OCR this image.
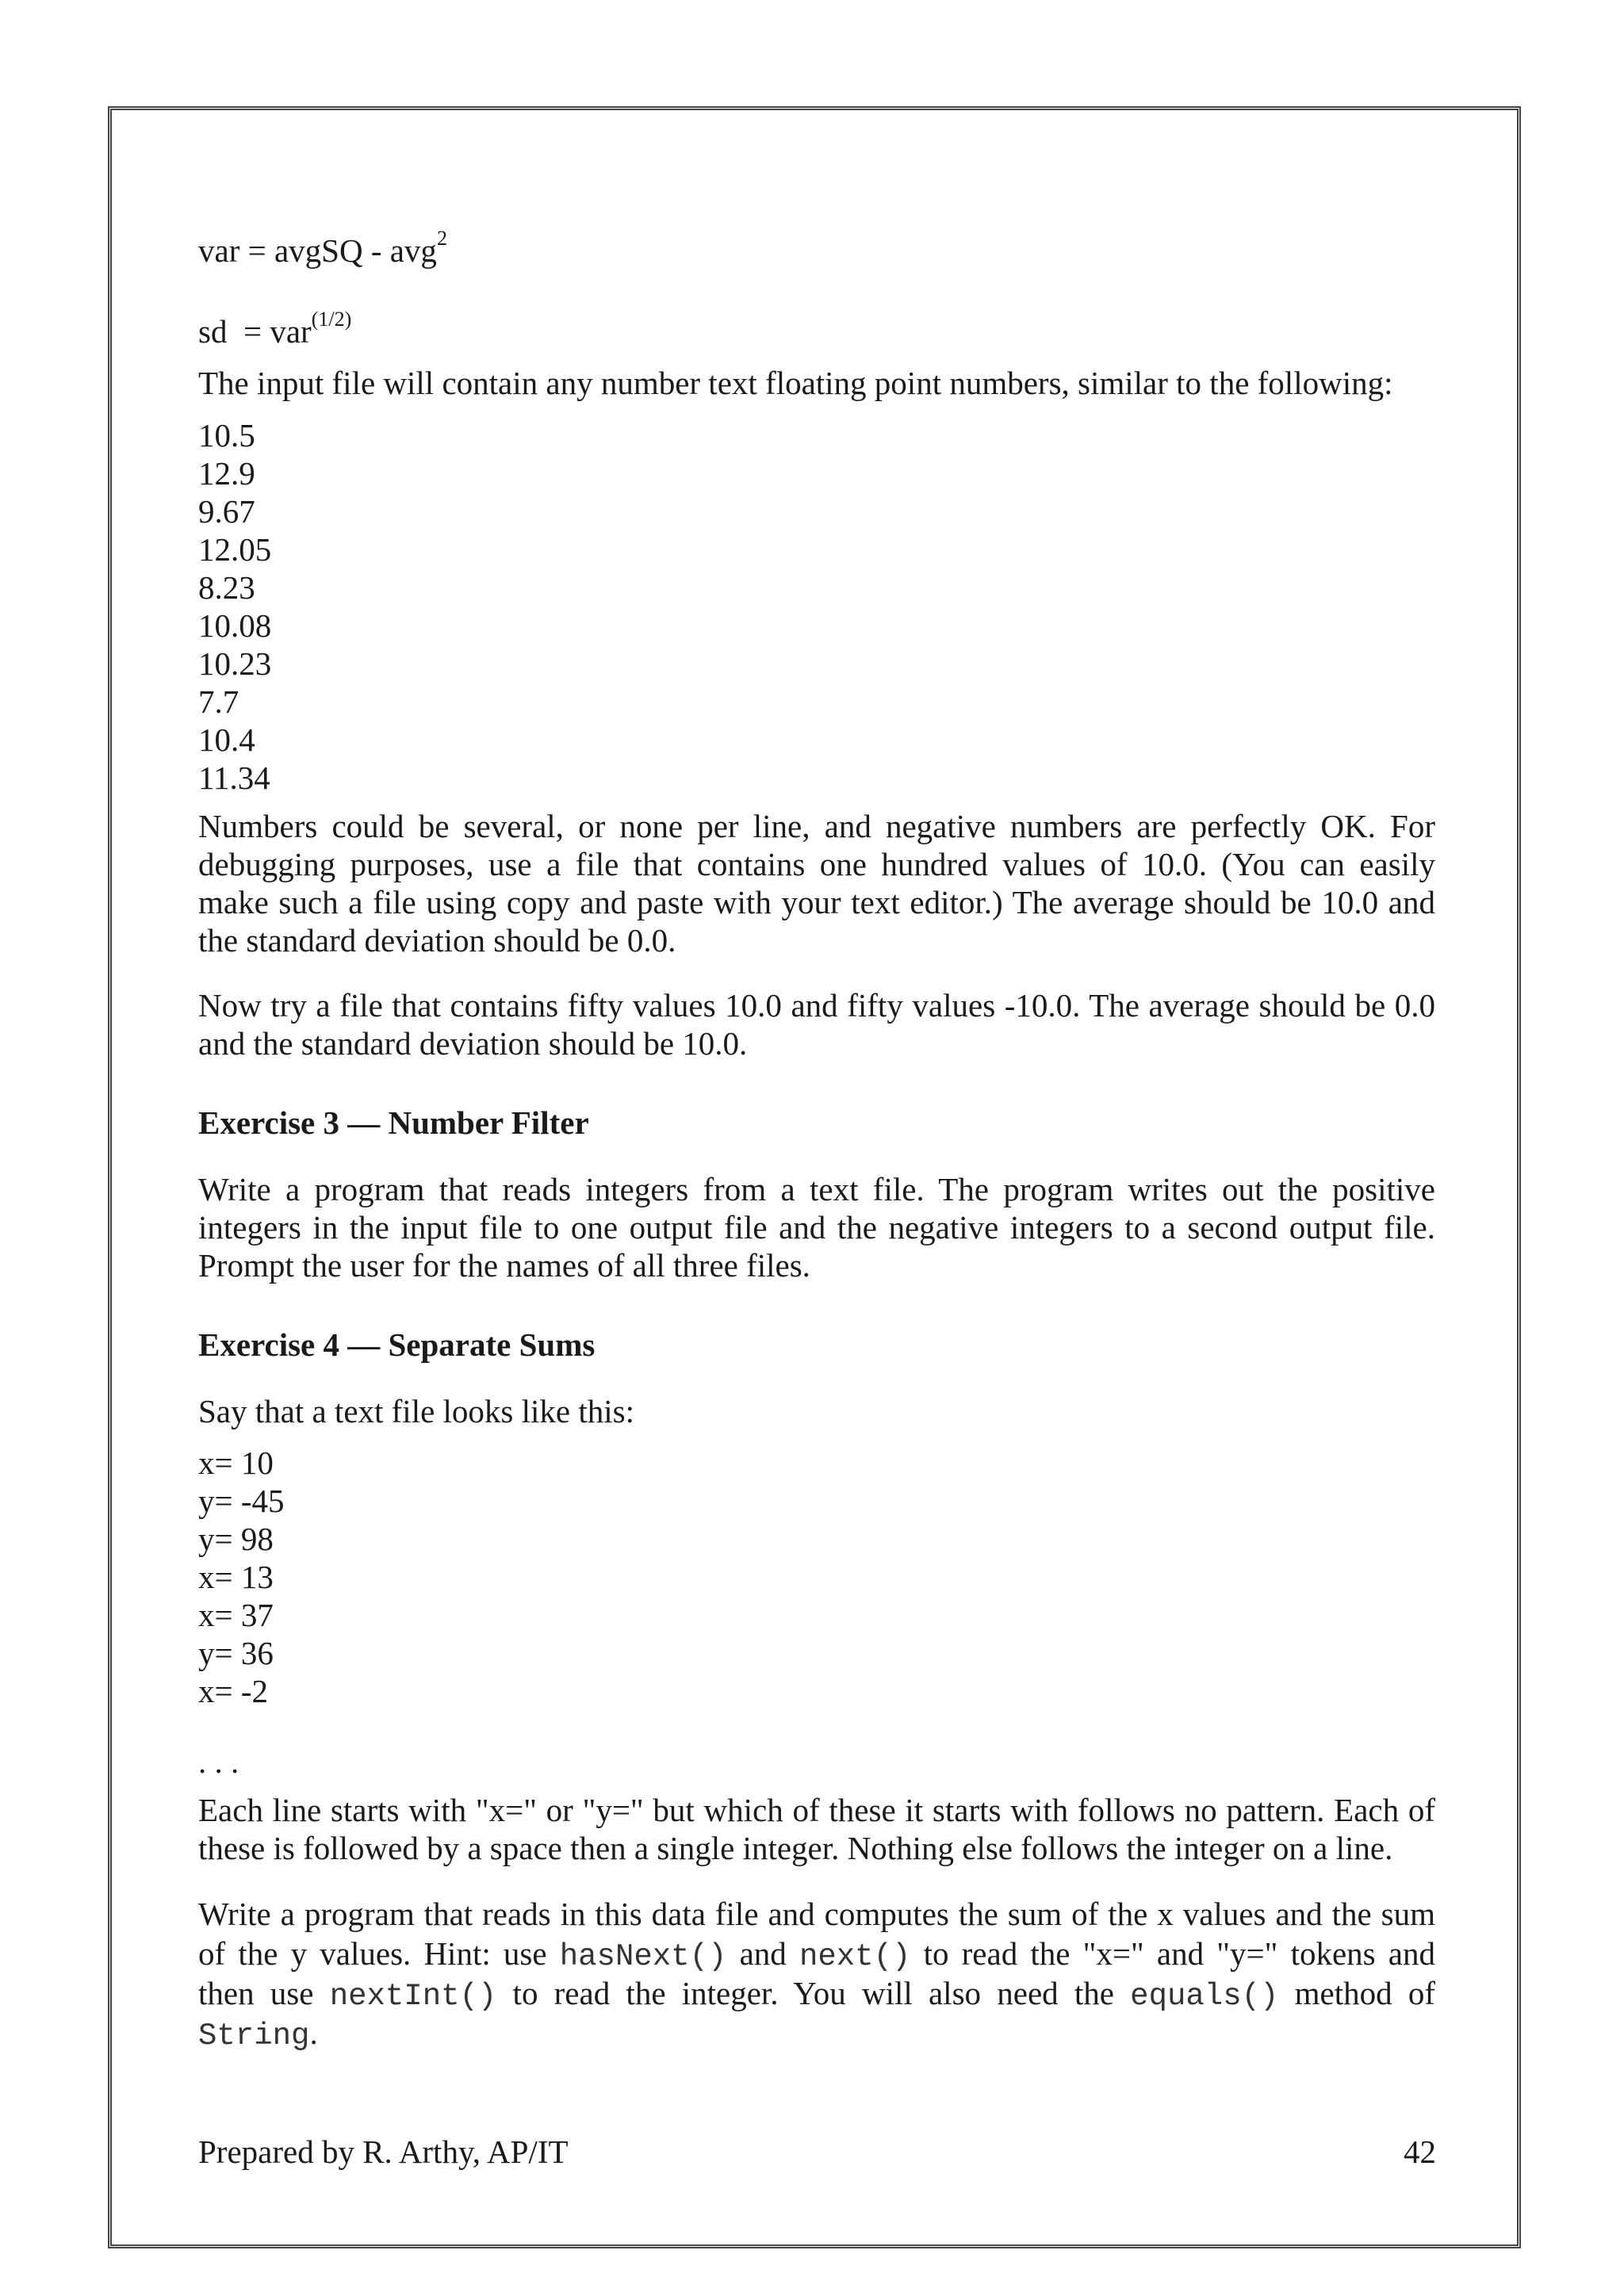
var = avgSQ - avg$^2$
sd  = var$^{(1/2)}$
The input file will contain any number text floating point numbers, similar to the following:
10.5
12.9
9.67
12.05
8.23
10.08
10.23
7.7
10.4
11.34
Numbers could be several, or none per line, and negative numbers are perfectly OK. For
debugging purposes, use a file that contains one hundred values of 10.0. (You can easily
make such a file using copy and paste with your text editor.) The average should be 10.0 and
the standard deviation should be 0.0.
Now try a file that contains fifty values 10.0 and fifty values -10.0. The average should be 0.0
and the standard deviation should be 10.0.
Exercise 3 — Number Filter
Write a program that reads integers from a text file. The program writes out the positive
integers in the input file to one output file and the negative integers to a second output file.
Prompt the user for the names of all three files.
Exercise 4 — Separate Sums
Say that a text file looks like this:
x= 10
y= -45
y= 98
x= 13
x= 37
y= 36
x= -2
. . .
Each line starts with "x=" or "y=" but which of these it starts with follows no pattern. Each of
these is followed by a space then a single integer. Nothing else follows the integer on a line.
Write a program that reads in this data file and computes the sum of the x values and the sum
of the y values. Hint: use hasNext() and next() to read the "x=" and "y=" tokens and
then use nextInt() to read the integer. You will also need the equals() method of
String.
Prepared by R. Arthy, AP/IT	42
